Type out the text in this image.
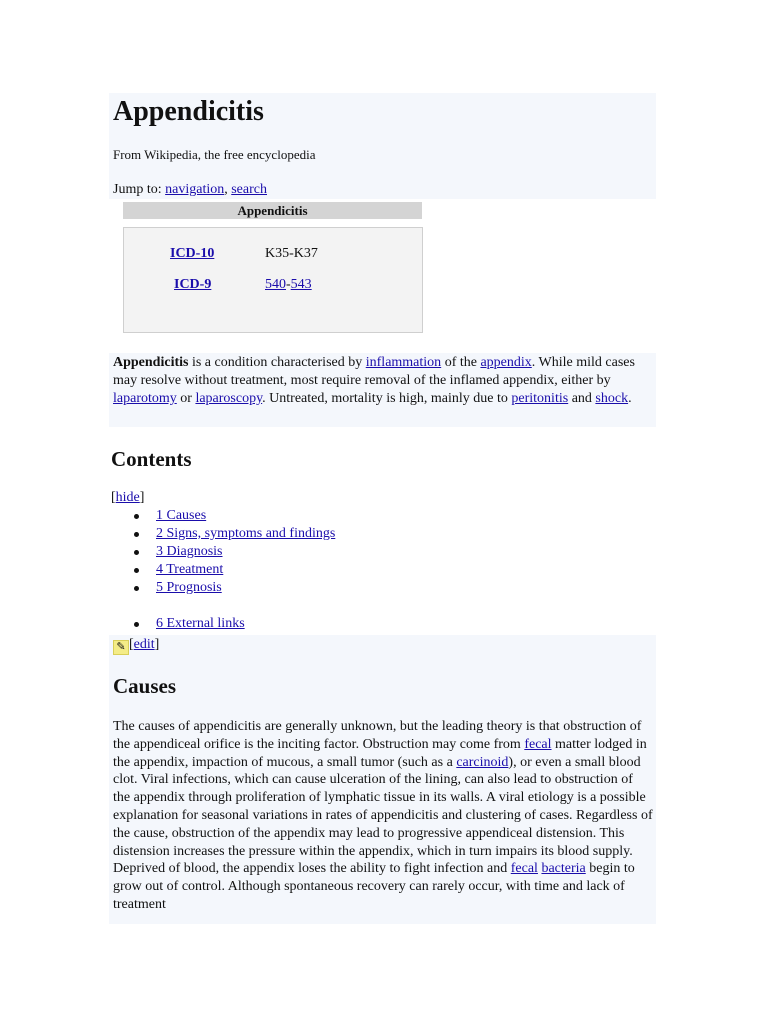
Appendicitis
From Wikipedia, the free encyclopedia
Jump to: navigation, search
Appendicitis
ICD-10	K35-K37
ICD-9	540-543

Appendicitis is a condition characterised by inflammation of the appendix. While mild cases may resolve without treatment, most require removal of the inflamed appendix, either by laparotomy or laparoscopy. Untreated, mortality is high, mainly due to peritonitis and shock.

Contents
[hide]
1 Causes
2 Signs, symptoms and findings
3 Diagnosis
4 Treatment
5 Prognosis
6 External links
✎ [edit]
Causes

The causes of appendicitis are generally unknown, but the leading theory is that obstruction of the appendiceal orifice is the inciting factor. Obstruction may come from fecal matter lodged in the appendix, impaction of mucous, a small tumor (such as a carcinoid), or even a small blood clot. Viral infections, which can cause ulceration of the lining, can also lead to obstruction of the appendix through proliferation of lymphatic tissue in its walls. A viral etiology is a possible explanation for seasonal variations in rates of appendicitis and clustering of cases. Regardless of the cause, obstruction of the appendix may lead to progressive appendiceal distension. This distension increases the pressure within the appendix, which in turn impairs its blood supply. Deprived of blood, the appendix loses the ability to fight infection and fecal bacteria begin to grow out of control. Although spontaneous recovery can rarely occur, with time and lack of treatment
